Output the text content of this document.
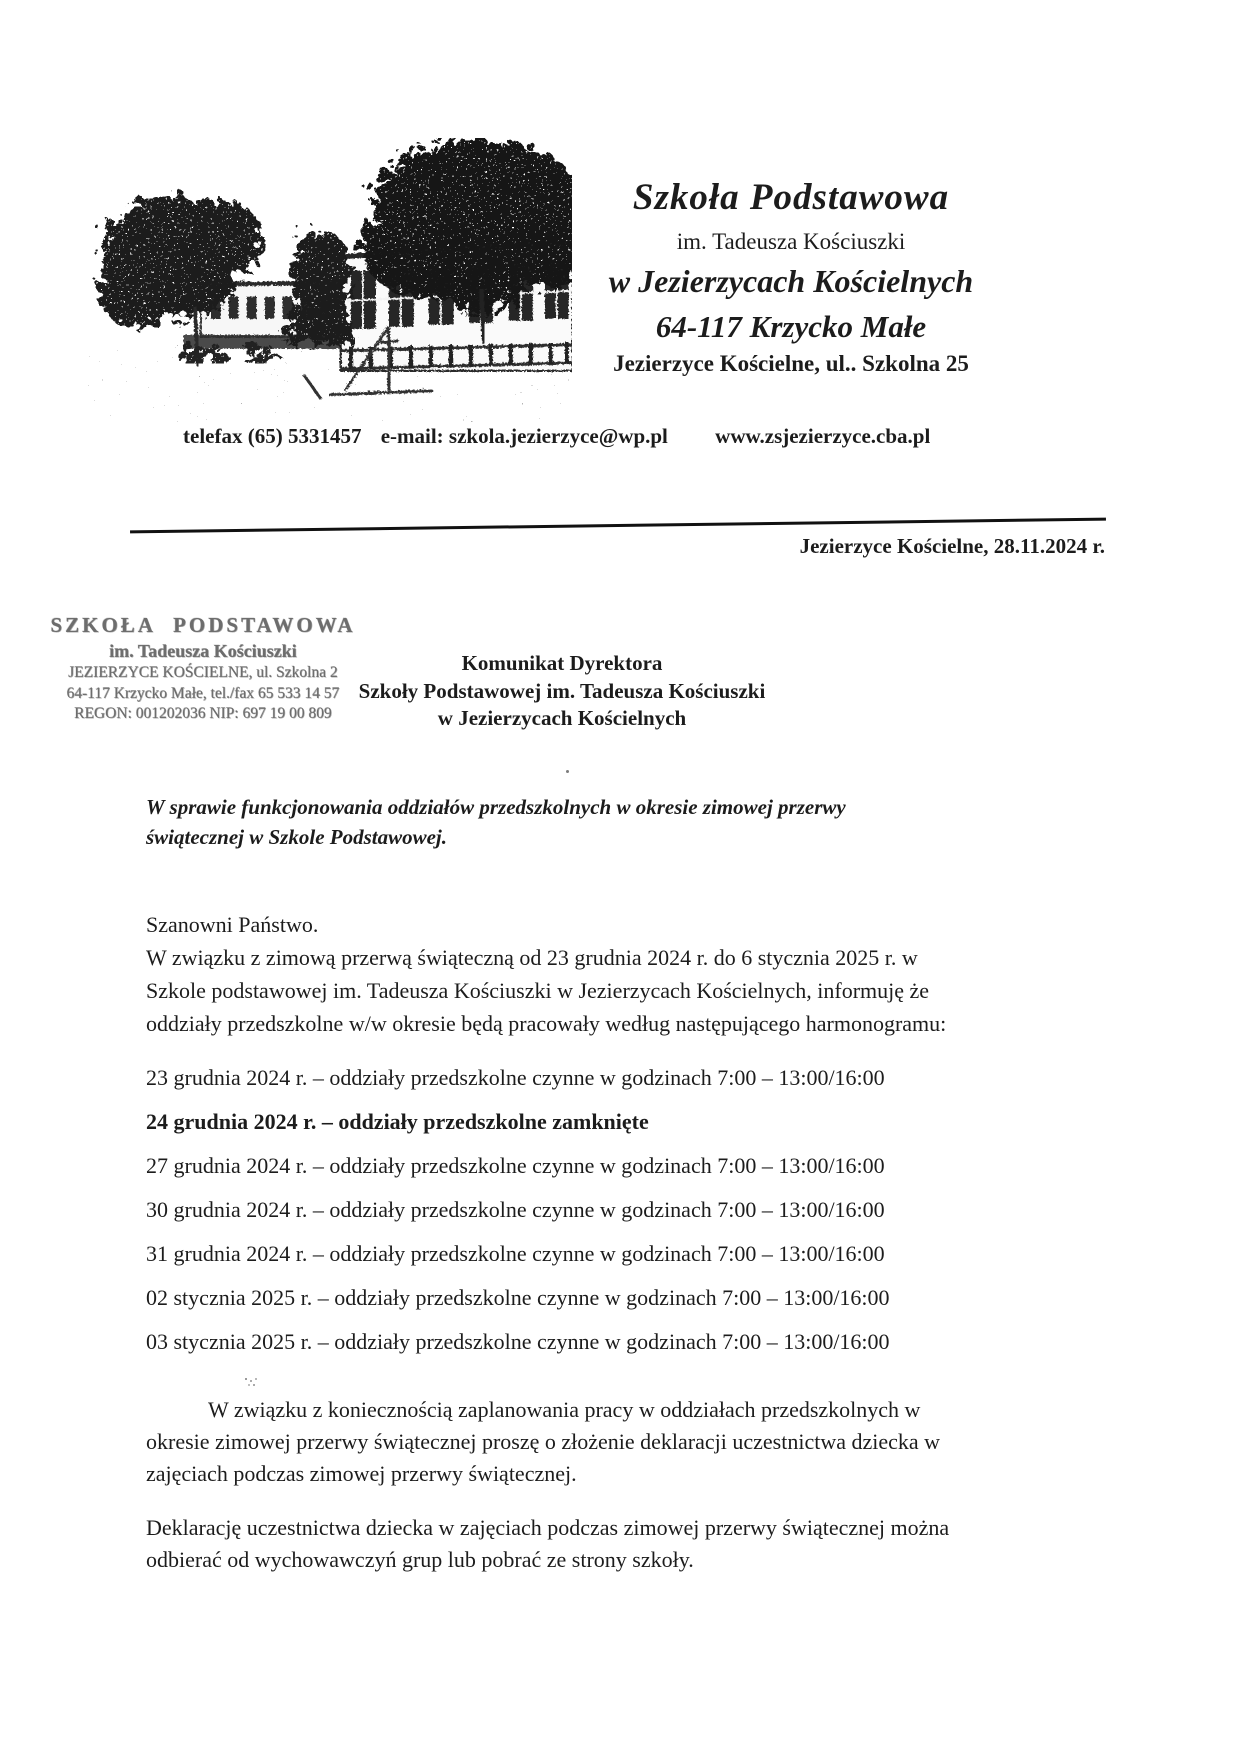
Szkoła Podstawowa
im. Tadeusza Kościuszki
w Jezierzycach Kościelnych
64-117 Krzycko Małe
Jezierzyce Kościelne, ul.. Szkolna 25
telefax (65) 5331457 e-mail: szkola.jezierzyce@wp.pl www.zsjezierzyce.cba.pl
Jezierzyce Kościelne, 28.11.2024 r.
SZKOŁA PODSTAWOWA
im. Tadeusza Kościuszki
JEZIERZYCE KOŚCIELNE, ul. Szkolna 2
64-117 Krzycko Małe, tel./fax 65 533 14 57
REGON: 001202036 NIP: 697 19 00 809
Komunikat Dyrektora
Szkoły Podstawowej im. Tadeusza Kościuszki
w Jezierzycach Kościelnych
W sprawie funkcjonowania oddziałów przedszkolnych w okresie zimowej przerwy
świątecznej w Szkole Podstawowej.
Szanowni Państwo.
W związku z zimową przerwą świąteczną od 23 grudnia 2024 r. do 6 stycznia 2025 r. w
Szkole podstawowej im. Tadeusza Kościuszki w Jezierzycach Kościelnych, informuję że
oddziały przedszkolne w/w okresie będą pracowały według następującego harmonogramu:
23 grudnia 2024 r. – oddziały przedszkolne czynne w godzinach 7:00 – 13:00/16:00
24 grudnia 2024 r. – oddziały przedszkolne zamknięte
27 grudnia 2024 r. – oddziały przedszkolne czynne w godzinach 7:00 – 13:00/16:00
30 grudnia 2024 r. – oddziały przedszkolne czynne w godzinach 7:00 – 13:00/16:00
31 grudnia 2024 r. – oddziały przedszkolne czynne w godzinach 7:00 – 13:00/16:00
02 stycznia 2025 r. – oddziały przedszkolne czynne w godzinach 7:00 – 13:00/16:00
03 stycznia 2025 r. – oddziały przedszkolne czynne w godzinach 7:00 – 13:00/16:00
W związku z koniecznością zaplanowania pracy w oddziałach przedszkolnych w
okresie zimowej przerwy świątecznej proszę o złożenie deklaracji uczestnictwa dziecka w
zajęciach podczas zimowej przerwy świątecznej.
Deklarację uczestnictwa dziecka w zajęciach podczas zimowej przerwy świątecznej można
odbierać od wychowawczyń grup lub pobrać ze strony szkoły.
